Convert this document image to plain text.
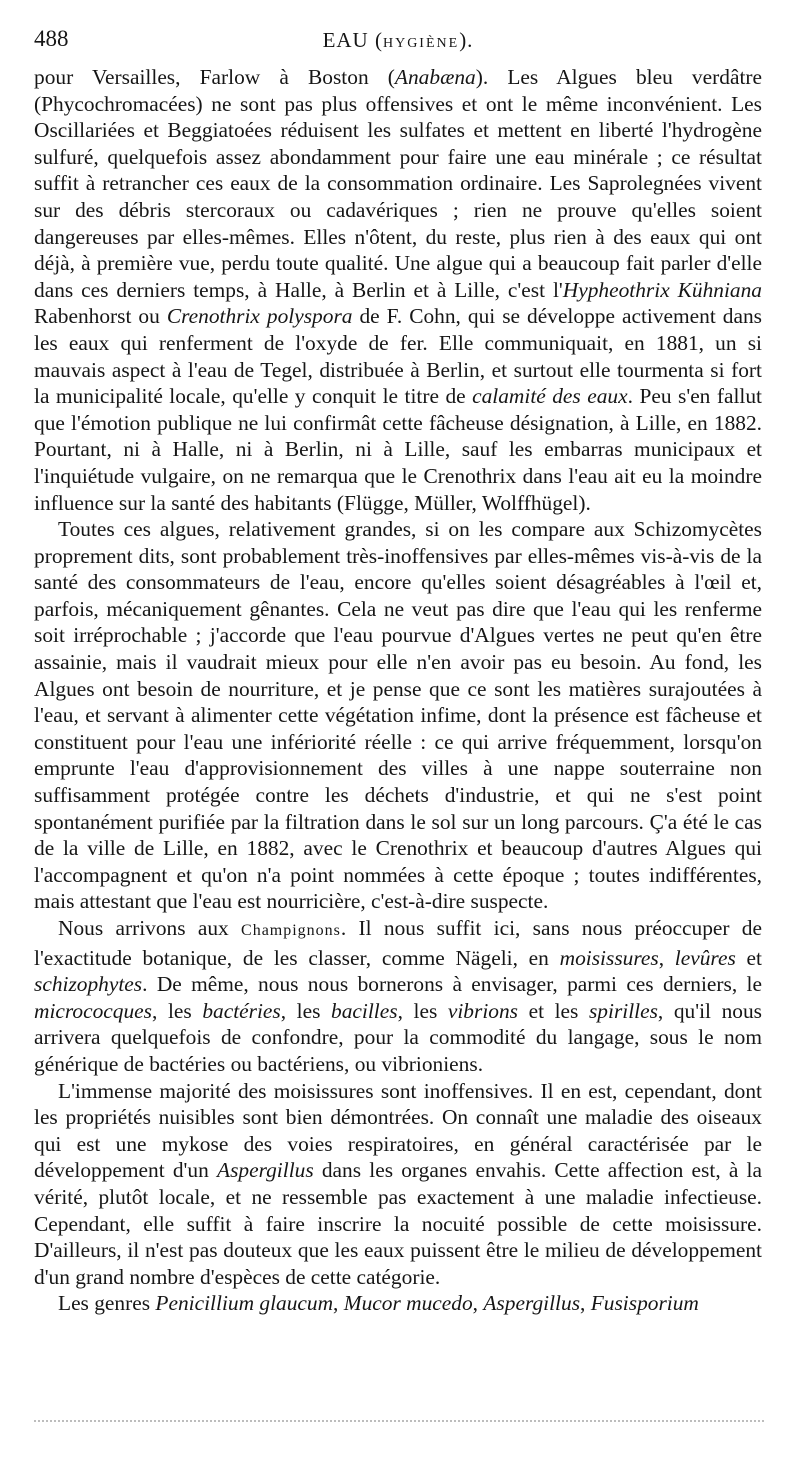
488	EAU (HYGIÈNE).

pour Versailles, Farlow à Boston (Anabæna). Les Algues bleu verdâtre (Phycochromacées) ne sont pas plus offensives et ont le même inconvénient. Les Oscillariées et Beggiatoées réduisent les sulfates et mettent en liberté l'hydrogène sulfuré, quelquefois assez abondamment pour faire une eau minérale ; ce résultat suffit à retrancher ces eaux de la consommation ordinaire. Les Saprolegnées vivent sur des débris stercoraux ou cadavériques ; rien ne prouve qu'elles soient dangereuses par elles-mêmes. Elles n'ôtent, du reste, plus rien à des eaux qui ont déjà, à première vue, perdu toute qualité. Une algue qui a beaucoup fait parler d'elle dans ces derniers temps, à Halle, à Berlin et à Lille, c'est l'Hypheothrix Kühniana Rabenhorst ou Crenothrix polyspora de F. Cohn, qui se développe activement dans les eaux qui renferment de l'oxyde de fer. Elle communiquait, en 1881, un si mauvais aspect à l'eau de Tegel, distribuée à Berlin, et surtout elle tourmenta si fort la municipalité locale, qu'elle y conquit le titre de calamité des eaux. Peu s'en fallut que l'émotion publique ne lui confirmât cette fâcheuse désignation, à Lille, en 1882. Pourtant, ni à Halle, ni à Berlin, ni à Lille, sauf les embarras municipaux et l'inquiétude vulgaire, on ne remarqua que le Crenothrix dans l'eau ait eu la moindre influence sur la santé des habitants (Flügge, Müller, Wolffhügel).

Toutes ces algues, relativement grandes, si on les compare aux Schizomycètes proprement dits, sont probablement très-inoffensives par elles-mêmes vis-à-vis de la santé des consommateurs de l'eau, encore qu'elles soient désagréables à l'œil et, parfois, mécaniquement gênantes. Cela ne veut pas dire que l'eau qui les renferme soit irréprochable ; j'accorde que l'eau pourvue d'Algues vertes ne peut qu'en être assainie, mais il vaudrait mieux pour elle n'en avoir pas eu besoin. Au fond, les Algues ont besoin de nourriture, et je pense que ce sont les matières surajoutées à l'eau, et servant à alimenter cette végétation infime, dont la présence est fâcheuse et constituent pour l'eau une infériorité réelle : ce qui arrive fréquemment, lorsqu'on emprunte l'eau d'approvisionnement des villes à une nappe souterraine non suffisamment protégée contre les déchets d'industrie, et qui ne s'est point spontanément purifiée par la filtration dans le sol sur un long parcours. Ç'a été le cas de la ville de Lille, en 1882, avec le Crenothrix et beaucoup d'autres Algues qui l'accompagnent et qu'on n'a point nommées à cette époque ; toutes indifférentes, mais attestant que l'eau est nourricière, c'est-à-dire suspecte.

Nous arrivons aux Champignons. Il nous suffit ici, sans nous préoccuper de l'exactitude botanique, de les classer, comme Nägeli, en moisissures, levûres et schizophytes. De même, nous nous bornerons à envisager, parmi ces derniers, le micrococques, les bactéries, les bacilles, les vibrions et les spirilles, qu'il nous arrivera quelquefois de confondre, pour la commodité du langage, sous le nom générique de bactéries ou bactériens, ou vibrioniens.

L'immense majorité des moisissures sont inoffensives. Il en est, cependant, dont les propriétés nuisibles sont bien démontrées. On connaît une maladie des oiseaux qui est une mykose des voies respiratoires, en général caractérisée par le développement d'un Aspergillus dans les organes envahis. Cette affection est, à la vérité, plutôt locale, et ne ressemble pas exactement à une maladie infectieuse. Cependant, elle suffit à faire inscrire la nocuité possible de cette moisissure. D'ailleurs, il n'est pas douteux que les eaux puissent être le milieu de développement d'un grand nombre d'espèces de cette catégorie.

Les genres Penicillium glaucum, Mucor mucedo, Aspergillus, Fusisporium
